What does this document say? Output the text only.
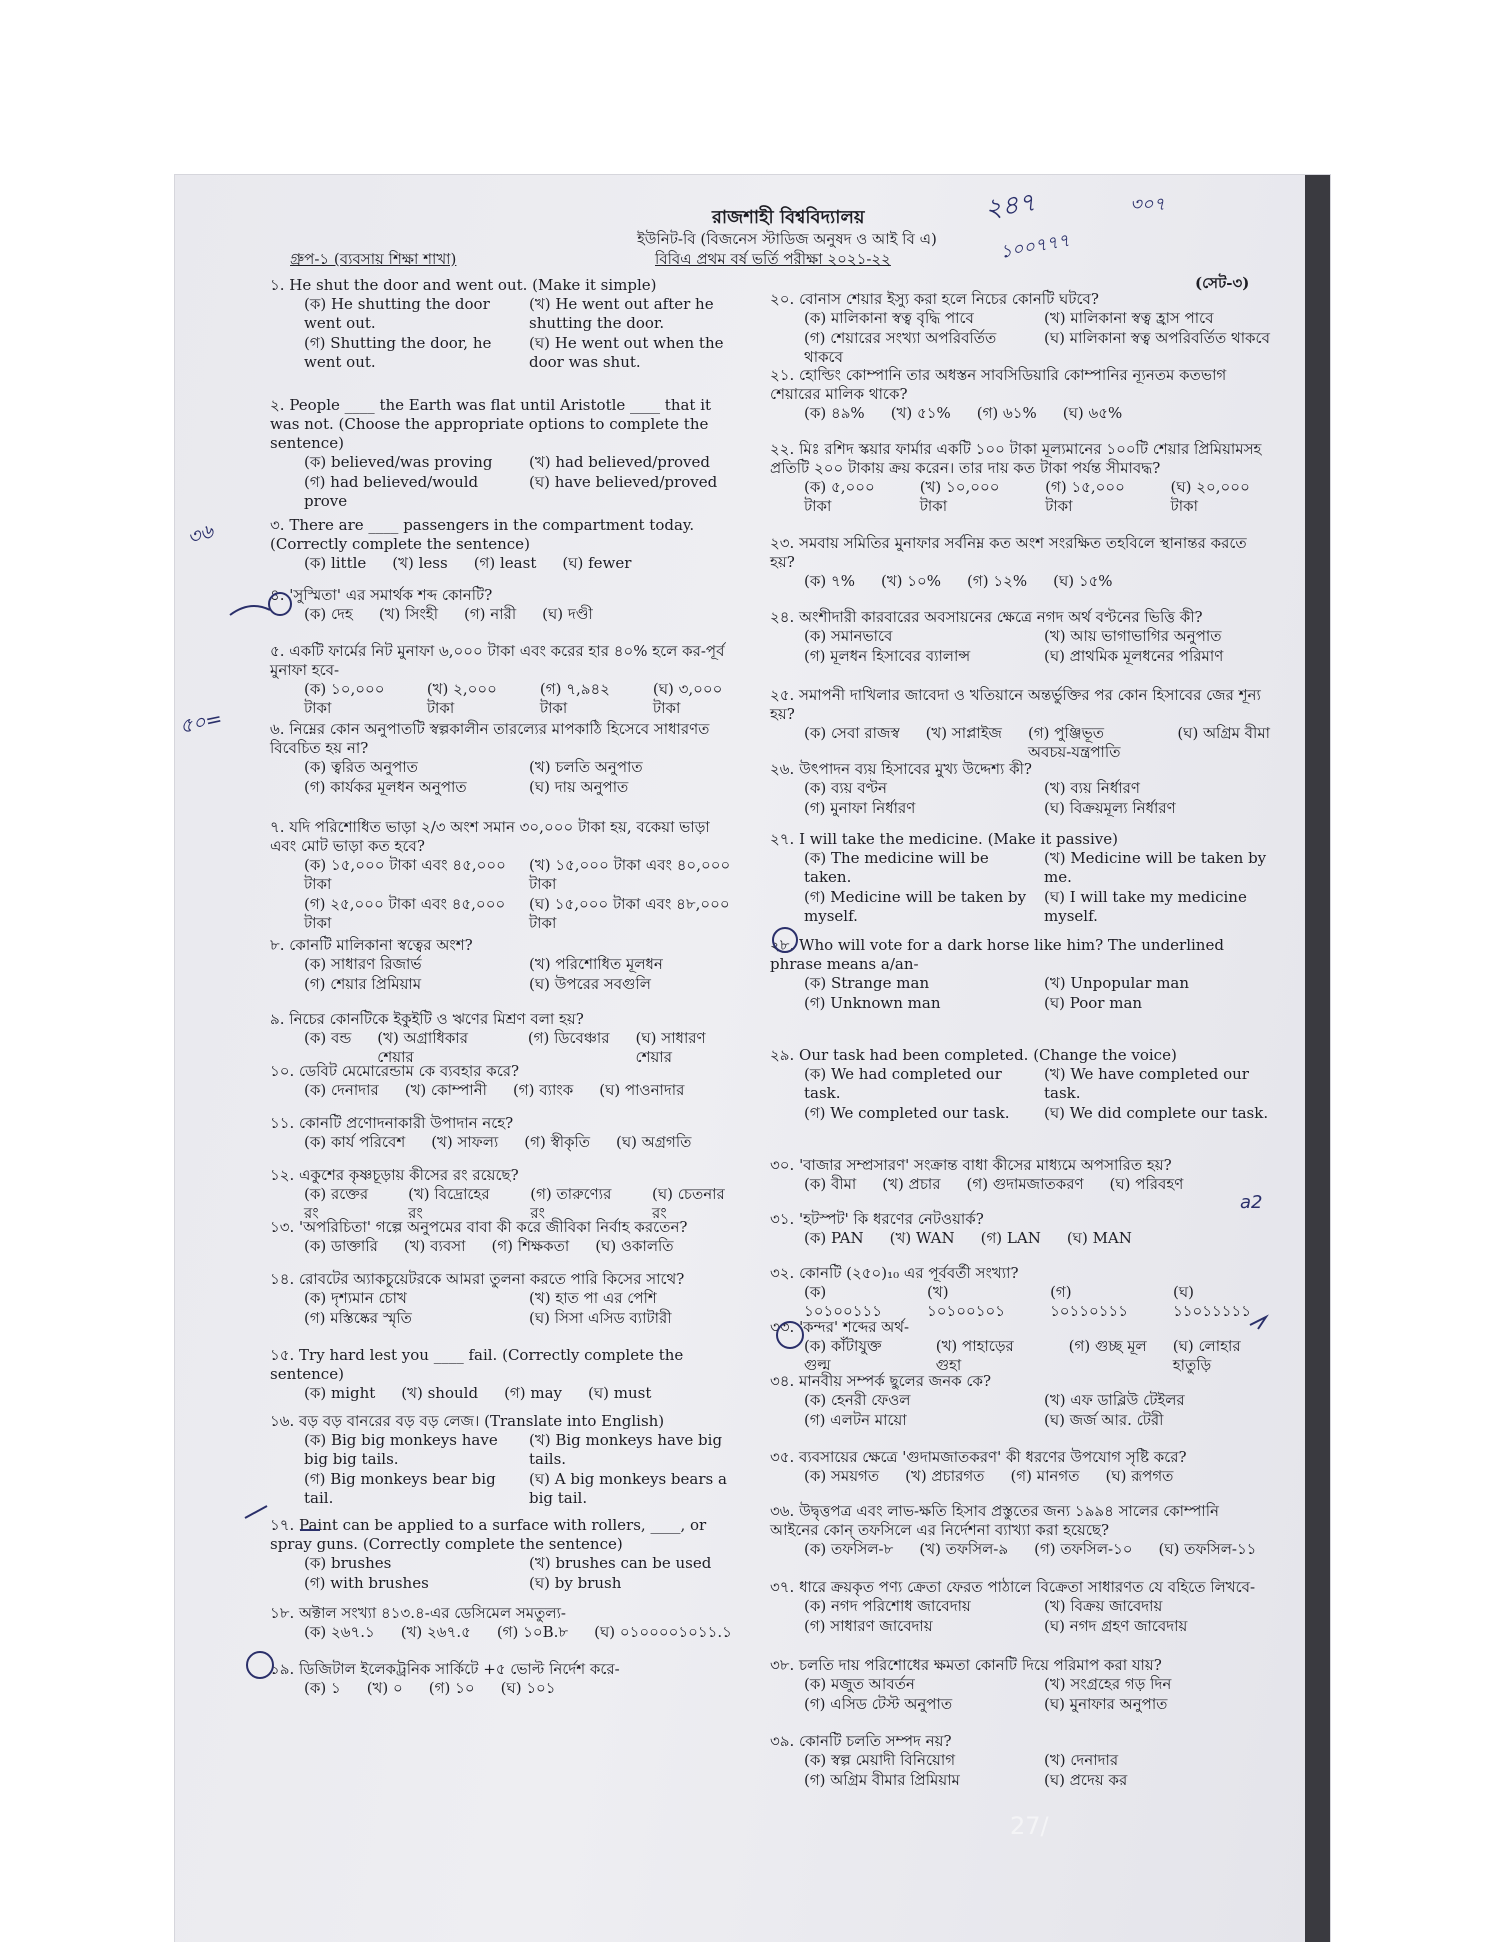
রাজশাহী বিশ্ববিদ্যালয়
ইউনিট-বি (বিজনেস স্টাডিজ অনুষদ ও আই বি এ)
গ্রুপ-১ (ব্যবসায় শিক্ষা শাখা)	বিবিএ প্রথম বর্ষ ভর্তি পরীক্ষা ২০২১-২২
(সেট-৩)
১. He shut the door and went out. (Make it simple)
(ক) He shutting the door went out.
(খ) He went out after he shutting the door.
(গ) Shutting the door, he went out.
(ঘ) He went out when the door was shut.
২. People ____ the Earth was flat until Aristotle ____ that it was not. (Choose the appropriate options to complete the sentence)
(ক) believed/was proving	(খ) had believed/proved
(গ) had believed/would prove
(ঘ) have believed/proved
৩. There are ____ passengers in the compartment today. (Correctly complete the sentence)
(ক) little (খ) less (গ) least (ঘ) fewer
৪. 'সুস্মিতা' এর সমার্থক শব্দ কোনটি?
(ক) দেহ (খ) সিংহী (গ) নারী (ঘ) দণ্ডী
৫. একটি ফার্মের নিট মুনাফা ৬,০০০ টাকা এবং করের হার ৪০% হলে কর-পূর্ব মুনাফা হবে-
(ক) ১০,০০০ টাকা
(খ) ২,০০০ টাকা
(গ) ৭,৯৪২ টাকা
(ঘ) ৩,০০০ টাকা
৬. নিম্নের কোন অনুপাতটি স্বল্পকালীন তারল্যের মাপকাঠি হিসেবে সাধারণত বিবেচিত হয় না?
(ক) ত্বরিত অনুপাত	(খ) চলতি অনুপাত
(গ) কার্যকর মূলধন অনুপাত	(ঘ) দায় অনুপাত
৭. যদি পরিশোধিত ভাড়া ২/৩ অংশ সমান ৩০,০০০ টাকা হয়, বকেয়া ভাড়া এবং মোট ভাড়া কত হবে?
(ক) ১৫,০০০ টাকা এবং ৪৫,০০০ টাকা
(খ) ১৫,০০০ টাকা এবং ৪০,০০০ টাকা
(গ) ২৫,০০০ টাকা এবং ৪৫,০০০ টাকা
(ঘ) ১৫,০০০ টাকা এবং ৪৮,০০০ টাকা
৮. কোনটি মালিকানা স্বত্বের অংশ?
(ক) সাধারণ রিজার্ভ	(খ) পরিশোধিত মূলধন
(গ) শেয়ার প্রিমিয়াম	(ঘ) উপরের সবগুলি
৯. নিচের কোনটিকে ইকুইটি ও ঋণের মিশ্রণ বলা হয়?
(ক) বন্ড (খ) অগ্রাধিকার শেয়ার
(গ) ডিবেঞ্চার (ঘ) সাধারণ শেয়ার
১০. ডেবিট মেমোরেন্ডাম কে ব্যবহার করে?
(ক) দেনাদার (খ) কোম্পানী (গ) ব্যাংক (ঘ) পাওনাদার
১১. কোনটি প্রণোদনাকারী উপাদান নহে?
(ক) কার্য পরিবেশ (খ) সাফল্য (গ) স্বীকৃতি (ঘ) অগ্রগতি
১২. একুশের কৃষ্ণচূড়ায় কীসের রং রয়েছে?
(ক) রক্তের রং
(খ) বিদ্রোহের রং
(গ) তারুণ্যের রং
(ঘ) চেতনার রং
১৩. 'অপরিচিতা' গল্পে অনুপমের বাবা কী করে জীবিকা নির্বাহ করতেন?
(ক) ডাক্তারি (খ) ব্যবসা (গ) শিক্ষকতা (ঘ) ওকালতি
১৪. রোবটের অ্যাকচুয়েটরকে আমরা তুলনা করতে পারি কিসের সাথে?
(ক) দৃশ্যমান চোখ	(খ) হাত পা এর পেশি
(গ) মস্তিষ্কের স্মৃতি	(ঘ) সিসা এসিড ব্যাটারী
১৫. Try hard lest you ____ fail. (Correctly complete the sentence)
(ক) might (খ) should (গ) may (ঘ) must
১৬. বড় বড় বানরের বড় বড় লেজ। (Translate into English)
(ক) Big big monkeys have big big tails.
(খ) Big monkeys have big tails.
(গ) Big monkeys bear big tail.
(ঘ) A big monkeys bears a big tail.
১৭. Paint can be applied to a surface with rollers, ____, or spray guns. (Correctly complete the sentence)
(ক) brushes	(খ) brushes can be used
(গ) with brushes	(ঘ) by brush
১৮. অক্টাল সংখ্যা ৪১৩.৪-এর ডেসিমেল সমতুল্য-
(ক) ২৬৭.১ (খ) ২৬৭.৫ (গ) ১০B.৮ (ঘ) ০১০০০০১০১১.১
১৯. ডিজিটাল ইলেকট্রনিক সার্কিটে +৫ ভোল্ট নির্দেশ করে-
(ক) ১ (খ) ০ (গ) ১০ (ঘ) ১০১
২০. বোনাস শেয়ার ইস্যু করা হলে নিচের কোনটি ঘটবে?
(ক) মালিকানা স্বত্ব বৃদ্ধি পাবে	(খ) মালিকানা স্বত্ব হ্রাস পাবে
(গ) শেয়ারের সংখ্যা অপরিবর্তিত থাকবে
(ঘ) মালিকানা স্বত্ব অপরিবর্তিত থাকবে
২১. হোল্ডিং কোম্পানি তার অধস্তন সাবসিডিয়ারি কোম্পানির ন্যূনতম কতভাগ শেয়ারের মালিক থাকে?
(ক) ৪৯% (খ) ৫১% (গ) ৬১% (ঘ) ৬৫%
২২. মিঃ রশিদ স্কয়ার ফার্মার একটি ১০০ টাকা মূল্যমানের ১০০টি শেয়ার প্রিমিয়ামসহ প্রতিটি ২০০ টাকায় ক্রয় করেন। তার দায় কত টাকা পর্যন্ত সীমাবদ্ধ?
(ক) ৫,০০০ টাকা
(খ) ১০,০০০ টাকা
(গ) ১৫,০০০ টাকা
(ঘ) ২০,০০০ টাকা
২৩. সমবায় সমিতির মুনাফার সর্বনিম্ন কত অংশ সংরক্ষিত তহবিলে স্থানান্তর করতে হয়?
(ক) ৭% (খ) ১০% (গ) ১২% (ঘ) ১৫%
২৪. অংশীদারী কারবারের অবসায়নের ক্ষেত্রে নগদ অর্থ বণ্টনের ভিত্তি কী?
(ক) সমানভাবে	(খ) আয় ভাগাভাগির অনুপাত
(গ) মূলধন হিসাবের ব্যালান্স	(ঘ) প্রাথমিক মূলধনের পরিমাণ
২৫. সমাপনী দাখিলার জাবেদা ও খতিয়ানে অন্তর্ভুক্তির পর কোন হিসাবের জের শূন্য হয়?
(ক) সেবা রাজস্ব (খ) সাপ্লাইজ (গ) পুঞ্জিভূত অবচয়-যন্ত্রপাতি
(ঘ) অগ্রিম বীমা
২৬. উৎপাদন ব্যয় হিসাবের মুখ্য উদ্দেশ্য কী?
(ক) ব্যয় বণ্টন	(খ) ব্যয় নির্ধারণ
(গ) মুনাফা নির্ধারণ	(ঘ) বিক্রয়মূল্য নির্ধারণ
২৭. I will take the medicine. (Make it passive)
(ক) The medicine will be taken.
(খ) Medicine will be taken by me.
(গ) Medicine will be taken by myself.
(ঘ) I will take my medicine myself.
২৮. Who will vote for a dark horse like him? The underlined phrase means a/an-
(ক) Strange man	(খ) Unpopular man
(গ) Unknown man	(ঘ) Poor man
২৯. Our task had been completed. (Change the voice)
(ক) We had completed our task.
(খ) We have completed our task.
(গ) We completed our task.	(ঘ) We did complete our task.
৩০. 'বাজার সম্প্রসারণ' সংক্রান্ত বাধা কীসের মাধ্যমে অপসারিত হয়?
(ক) বীমা (খ) প্রচার (গ) গুদামজাতকরণ (ঘ) পরিবহণ
৩১. 'হটস্পট' কি ধরণের নেটওয়ার্ক?
(ক) PAN (খ) WAN (গ) LAN (ঘ) MAN
৩২. কোনটি (২৫০)₁₀ এর পূর্ববর্তী সংখ্যা?
(ক) ১০১০০১১১
(খ) ১০১০০১০১
(গ) ১০১১০১১১
(ঘ) ১১০১১১১১
৩৩. 'কন্দর' শব্দের অর্থ-
(ক) কাঁটাযুক্ত গুল্ম
(খ) পাহাড়ের গুহা
(গ) গুচ্ছ মূল (ঘ) লোহার হাতুড়ি
৩৪. মানবীয় সম্পর্ক ছুলের জনক কে?
(ক) হেনরী ফেওল	(খ) এফ ডাব্লিউ টেইলর
(গ) এলটন মায়ো	(ঘ) জর্জ আর. টেরী
৩৫. ব্যবসায়ের ক্ষেত্রে 'গুদামজাতকরণ' কী ধরণের উপযোগ সৃষ্টি করে?
(ক) সময়গত (খ) প্রচারগত (গ) মানগত (ঘ) রূপগত
৩৬. উদ্বৃত্তপত্র এবং লাভ-ক্ষতি হিসাব প্রস্তুতের জন্য ১৯৯৪ সালের কোম্পানি আইনের কোন্ তফসিলে এর নির্দেশনা ব্যাখ্যা করা হয়েছে?
(ক) তফসিল-৮ (খ) তফসিল-৯ (গ) তফসিল-১০ (ঘ) তফসিল-১১
৩৭. ধারে ক্রয়কৃত পণ্য ক্রেতা ফেরত পাঠালে বিক্রেতা সাধারণত যে বহিতে লিখবে-
(ক) নগদ পরিশোধ জাবেদায়	(খ) বিক্রয় জাবেদায়
(গ) সাধারণ জাবেদায়	(ঘ) নগদ গ্রহণ জাবেদায়
৩৮. চলতি দায় পরিশোধের ক্ষমতা কোনটি দিয়ে পরিমাপ করা যায়?
(ক) মজুত আবর্তন	(খ) সংগ্রহের গড় দিন
(গ) এসিড টেস্ট অনুপাত	(ঘ) মুনাফার অনুপাত
৩৯. কোনটি চলতি সম্পদ নয়?
(ক) স্বল্প মেয়াদী বিনিয়োগ	(খ) দেনাদার
(গ) অগ্রিম বীমার প্রিমিয়াম	(ঘ) প্রদেয় কর
২৪৭	৩০৭
১০০৭৭৭
৫০=
৩৬
a2
27/
